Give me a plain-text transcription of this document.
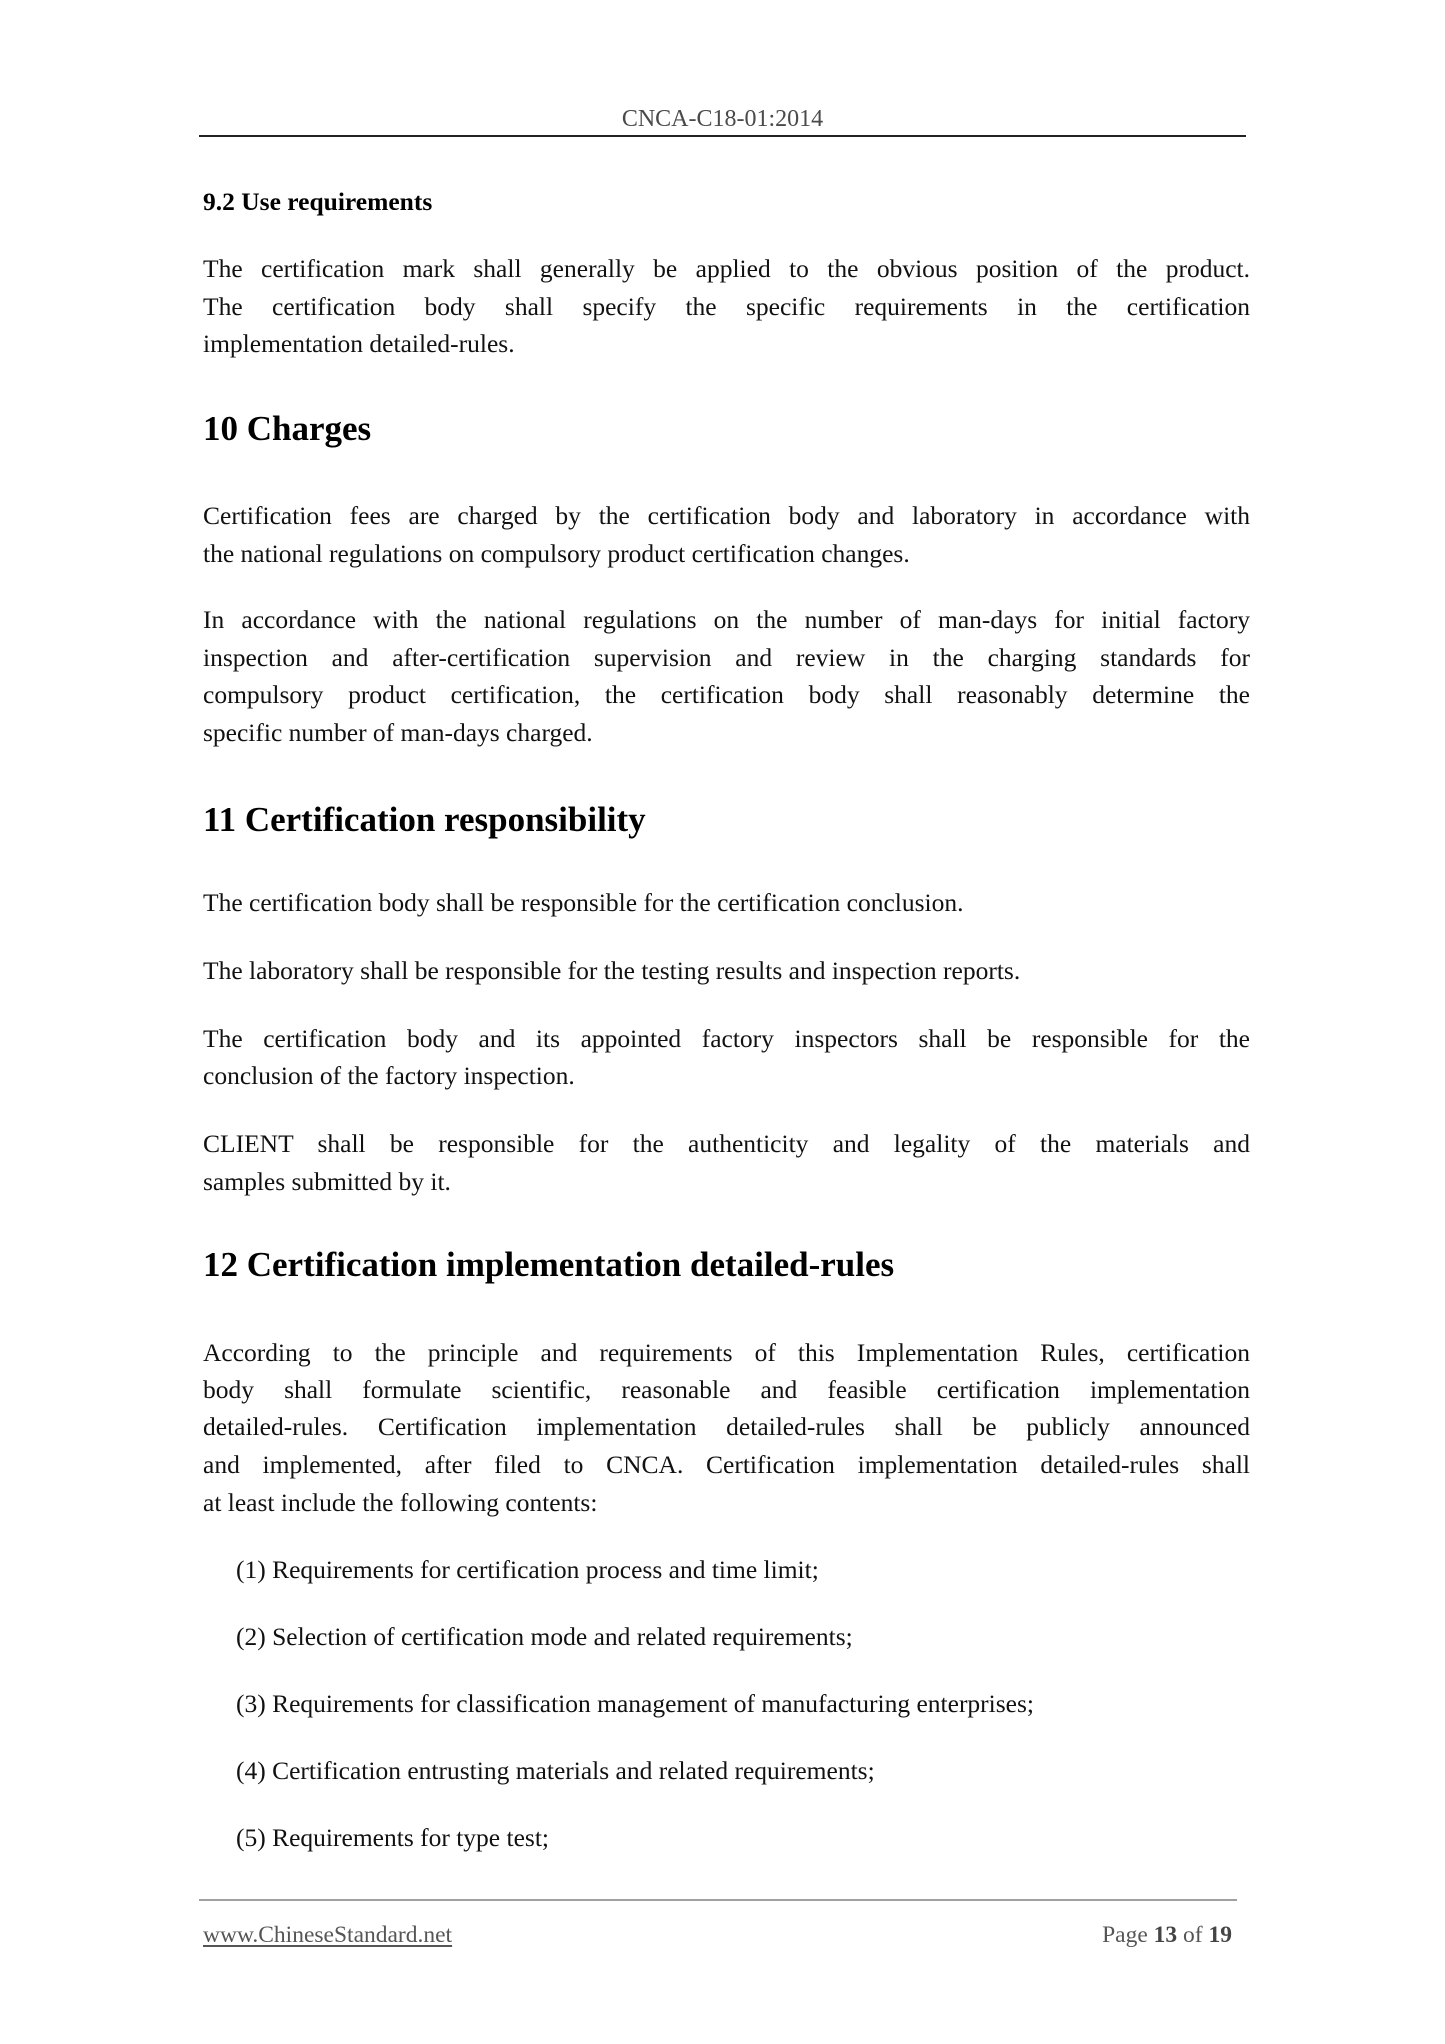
CNCA-C18-01:2014
9.2 Use requirements
The certification mark shall generally be applied to the obvious position of the product.
The certification body shall specify the specific requirements in the certification
implementation detailed-rules.
10 Charges
Certification fees are charged by the certification body and laboratory in accordance with
the national regulations on compulsory product certification changes.
In accordance with the national regulations on the number of man-days for initial factory
inspection and after-certification supervision and review in the charging standards for
compulsory product certification, the certification body shall reasonably determine the
specific number of man-days charged.
11 Certification responsibility
The certification body shall be responsible for the certification conclusion.
The laboratory shall be responsible for the testing results and inspection reports.
The certification body and its appointed factory inspectors shall be responsible for the
conclusion of the factory inspection.
CLIENT shall be responsible for the authenticity and legality of the materials and
samples submitted by it.
12 Certification implementation detailed-rules
According to the principle and requirements of this Implementation Rules, certification
body shall formulate scientific, reasonable and feasible certification implementation
detailed-rules. Certification implementation detailed-rules shall be publicly announced
and implemented, after filed to CNCA. Certification implementation detailed-rules shall
at least include the following contents:
(1) Requirements for certification process and time limit;
(2) Selection of certification mode and related requirements;
(3) Requirements for classification management of manufacturing enterprises;
(4) Certification entrusting materials and related requirements;
(5) Requirements for type test;
www.ChineseStandard.net	Page 13 of 19
